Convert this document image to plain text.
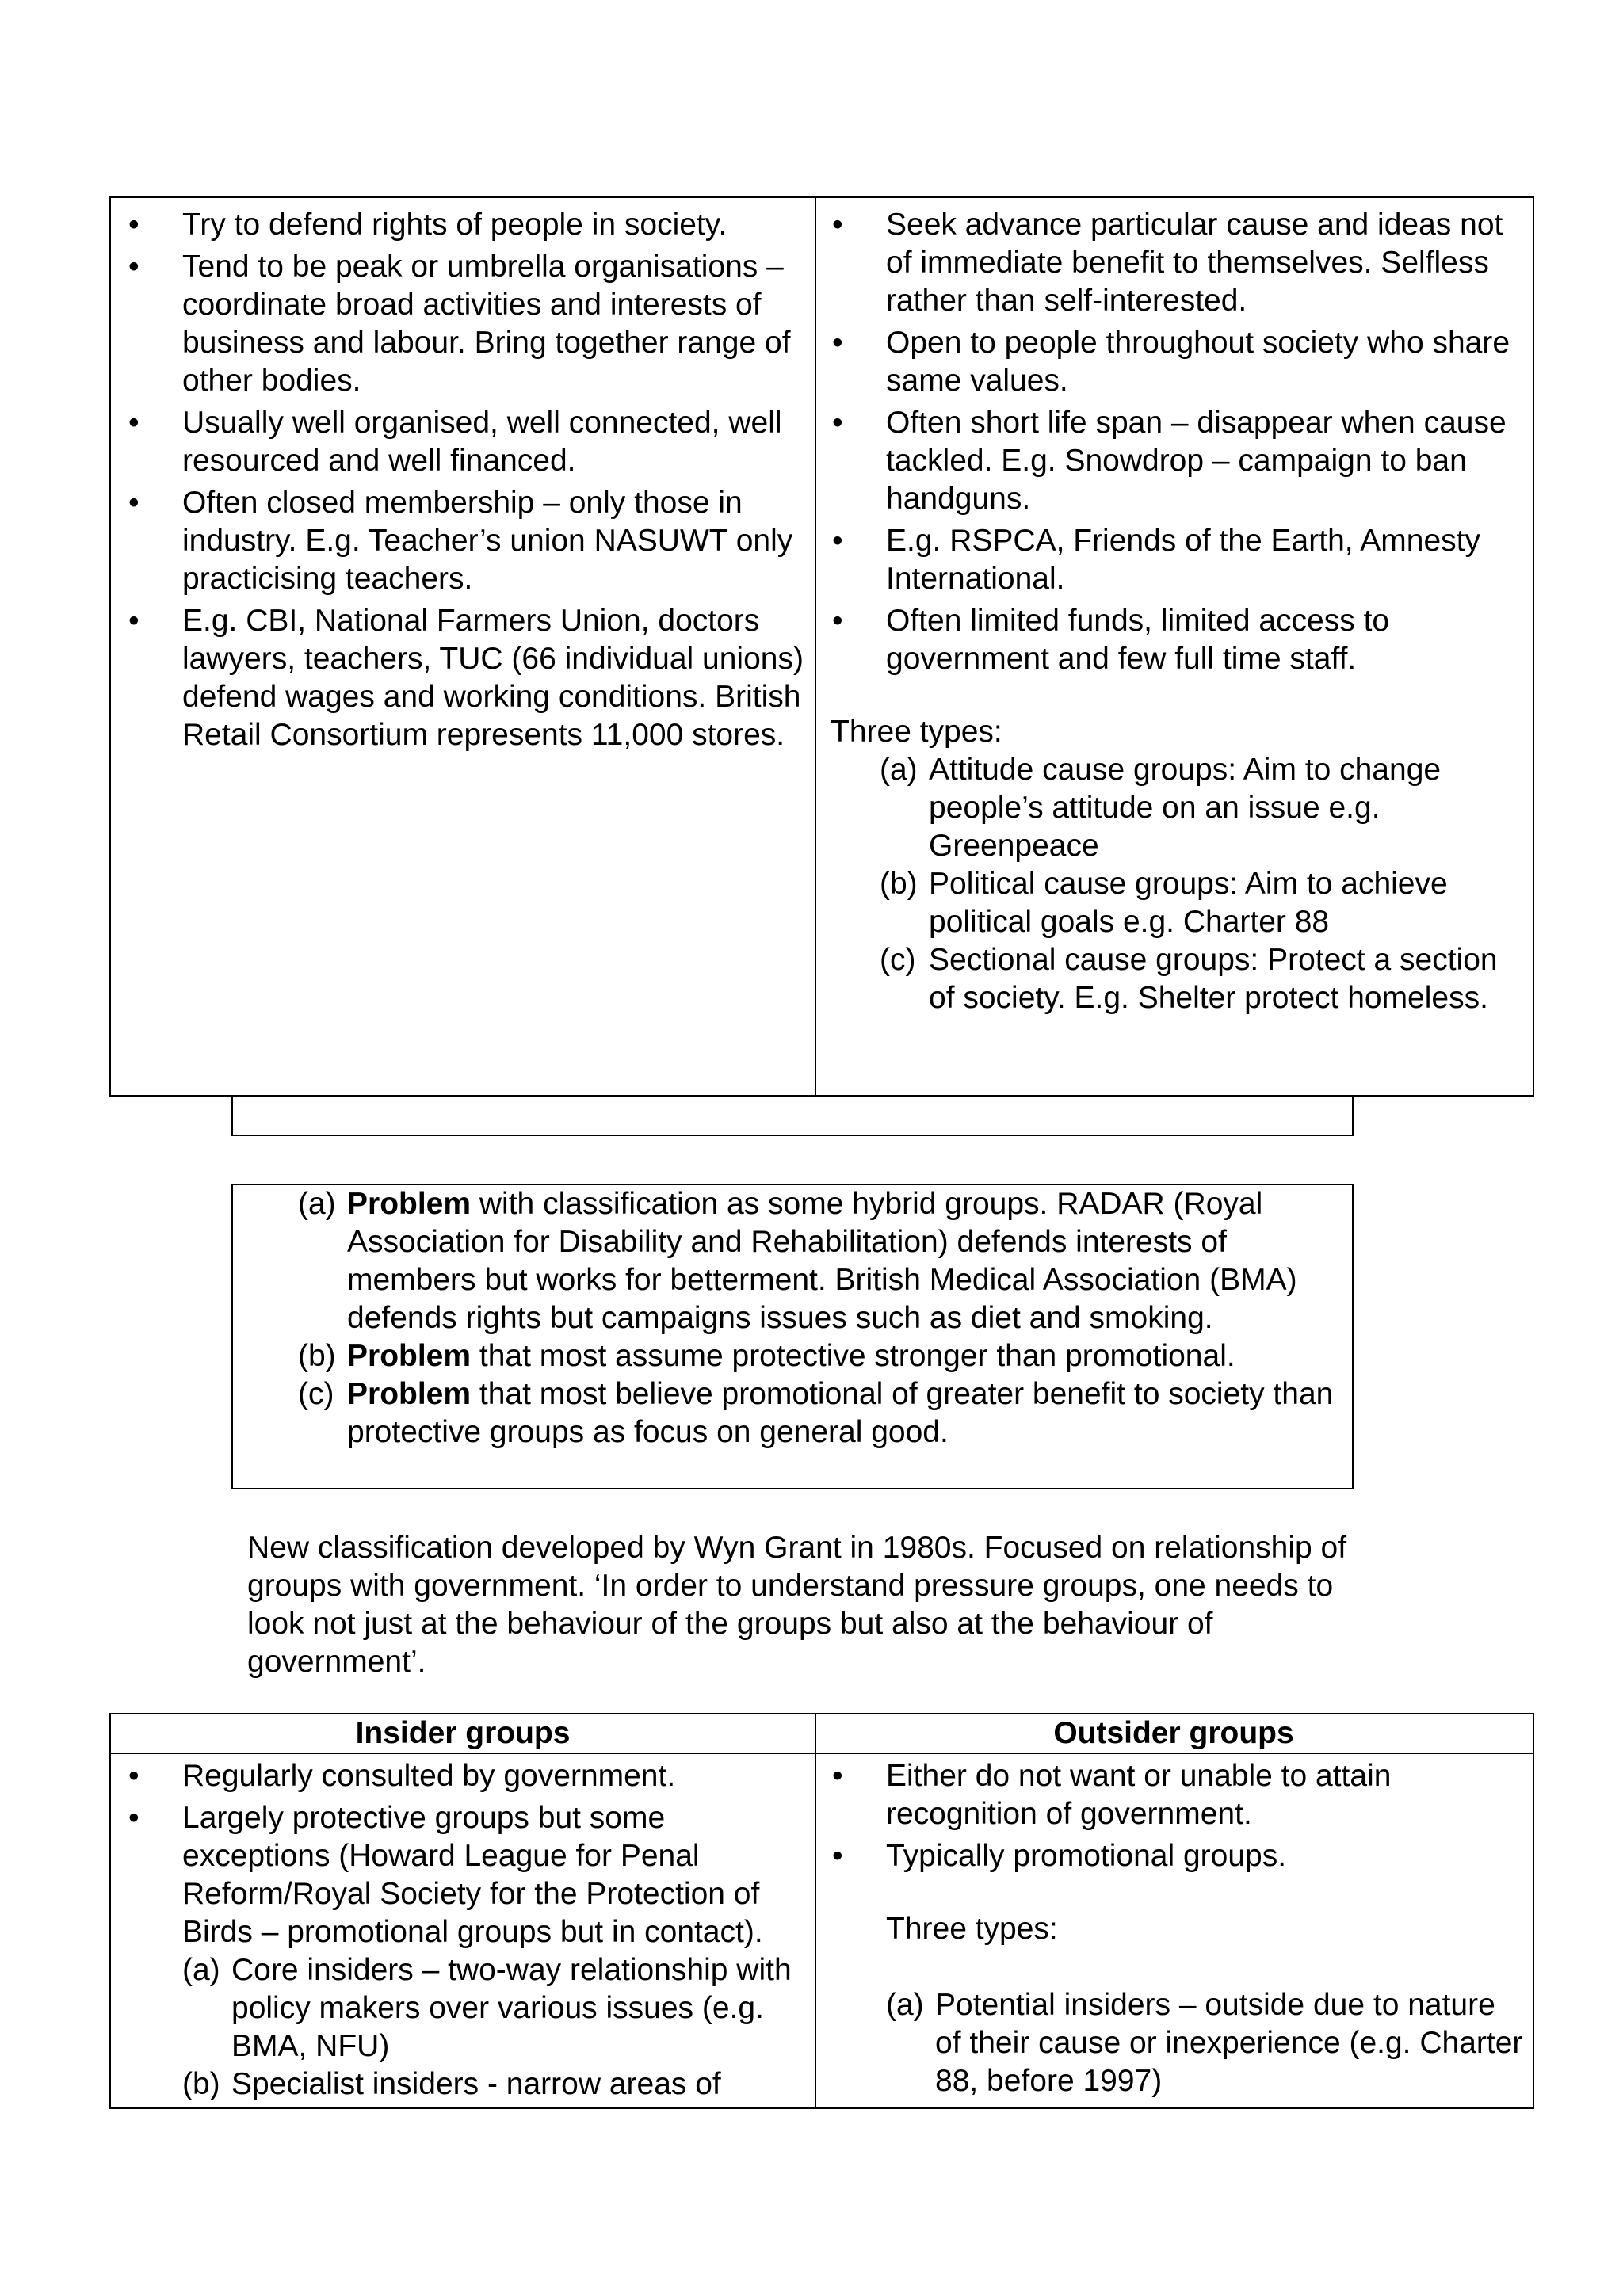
• Try to defend rights of people in society.
• Tend to be peak or umbrella organisations – coordinate broad activities and interests of business and labour. Bring together range of other bodies.
• Usually well organised, well connected, well resourced and well financed.
• Often closed membership – only those in industry. E.g. Teacher’s union NASUWT only practicising teachers.
• E.g. CBI, National Farmers Union, doctors lawyers, teachers, TUC (66 individual unions) defend wages and working conditions. British Retail Consortium represents 11,000 stores.
• Seek advance particular cause and ideas not of immediate benefit to themselves. Selfless rather than self-interested.
• Open to people throughout society who share same values.
• Often short life span – disappear when cause tackled. E.g. Snowdrop – campaign to ban handguns.
• E.g. RSPCA, Friends of the Earth, Amnesty International.
• Often limited funds, limited access to government and few full time staff.

Three types:

(a) Attitude cause groups: Aim to change people’s attitude on an issue e.g. Greenpeace
(b) Political cause groups: Aim to achieve political goals e.g. Charter 88
(c) Sectional cause groups: Protect a section of society. E.g. Shelter protect homeless.
(a) Problem with classification as some hybrid groups. RADAR (Royal Association for Disability and Rehabilitation) defends interests of members but works for betterment. British Medical Association (BMA) defends rights but campaigns issues such as diet and smoking.
(b) Problem that most assume protective stronger than promotional.
(c) Problem that most believe promotional of greater benefit to society than protective groups as focus on general good.

New classification developed by Wyn Grant in 1980s. Focused on relationship of groups with government. ‘In order to understand pressure groups, one needs to look not just at the behaviour of the groups but also at the behaviour of government’.

Insider groups	Outsider groups
• Regularly consulted by government.
• Largely protective groups but some exceptions (Howard League for Penal Reform/Royal Society for the Protection of Birds – promotional groups but in contact).
(a) Core insiders – two-way relationship with policy makers over various issues (e.g. BMA, NFU)
(b) Specialist insiders - narrow areas of
• Either do not want or unable to attain recognition of government.
• Typically promotional groups.

Three types:

(a) Potential insiders – outside due to nature of their cause or inexperience (e.g. Charter 88, before 1997)
